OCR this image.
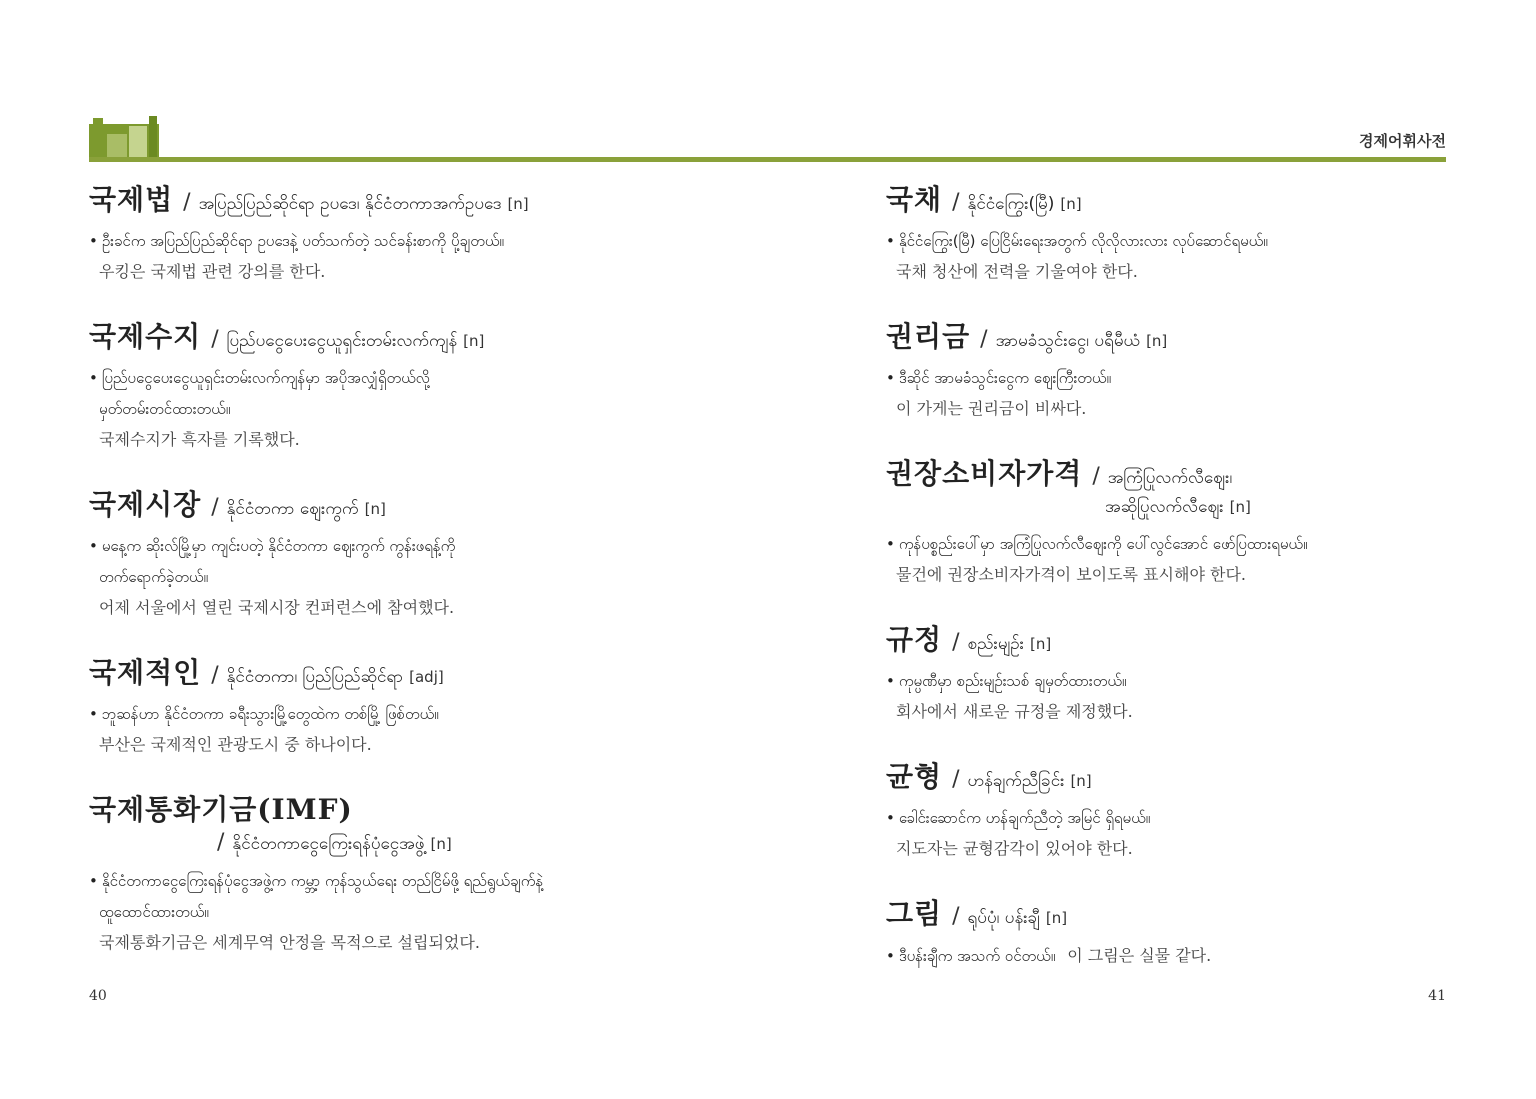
경제어휘사전
국제법 / အပြည်ပြည်ဆိုင်ရာ ဥပဒေ၊ နိုင်ငံတကာအက်ဥပဒေ [n]
• ဦးခင်က အပြည်ပြည်ဆိုင်ရာ ဥပဒေနဲ့ ပတ်သက်တဲ့ သင်ခန်းစာကို ပို့ချတယ်။
우킹은 국제법 관련 강의를 한다.
국제수지 / ပြည်ပငွေပေးငွေယူရှင်းတမ်းလက်ကျန် [n]
• ပြည်ပငွေပေးငွေယူရှင်းတမ်းလက်ကျန်မှာ အပိုအလျှံရှိတယ်လို့
မှတ်တမ်းတင်ထားတယ်။
국제수지가 흑자를 기록했다.
국제시장 / နိုင်ငံတကာ ဈေးကွက် [n]
• မနေ့က ဆိုးလ်မြို့မှာ ကျင်းပတဲ့ နိုင်ငံတကာ ဈေးကွက် ကွန်းဖရန့်ကို
တက်ရောက်ခဲ့တယ်။
어제 서울에서 열린 국제시장 컨퍼런스에 참여했다.
국제적인 / နိုင်ငံတကာ၊ ပြည်ပြည်ဆိုင်ရာ [adj]
• ဘူဆန်ဟာ နိုင်ငံတကာ ခရီးသွားမြို့တွေထဲက တစ်မြို့ ဖြစ်တယ်။
부산은 국제적인 관광도시 중 하나이다.
국제통화기금(IMF)
/ နိုင်ငံတကာငွေကြေးရန်ပုံငွေအဖွဲ့ [n]
• နိုင်ငံတကာငွေကြေးရန်ပုံငွေအဖွဲ့က ကမ္ဘာ့ ကုန်သွယ်ရေး တည်ငြိမ်ဖို့ ရည်ရွယ်ချက်နဲ့
ထူထောင်ထားတယ်။
국제통화기금은 세계무역 안정을 목적으로 설립되었다.
국채 / နိုင်ငံကြွေး(မြီ) [n]
• နိုင်ငံကြွေး(မြီ) ပြေငြိမ်းရေးအတွက် လိုလိုလားလား လုပ်ဆောင်ရမယ်။
국채 청산에 전력을 기울여야 한다.
권리금 / အာမခံသွင်းငွေ၊ ပရီမီယံ [n]
• ဒီဆိုင် အာမခံသွင်းငွေက ဈေးကြီးတယ်။
이 가게는 권리금이 비싸다.
권장소비자가격 / အကြံပြုလက်လီဈေး၊
အဆိုပြုလက်လီဈေး [n]
• ကုန်ပစ္စည်းပေါ်မှာ အကြံပြုလက်လီဈေးကို ပေါ်လွင်အောင် ဖော်ပြထားရမယ်။
물건에 권장소비자가격이 보이도록 표시해야 한다.
규정 / စည်းမျဉ်း [n]
• ကုမ္ပဏီမှာ စည်းမျဉ်းသစ် ချမှတ်ထားတယ်။
회사에서 새로운 규정을 제정했다.
균형 / ဟန်ချက်ညီခြင်း [n]
• ခေါင်းဆောင်က ဟန်ချက်ညီတဲ့ အမြင် ရှိရမယ်။
지도자는 균형감각이 있어야 한다.
그림 / ရုပ်ပုံ၊ ပန်းချီ [n]
• ဒီပန်းချီက အသက် ဝင်တယ်။ 이 그림은 실물 같다.
40	41
